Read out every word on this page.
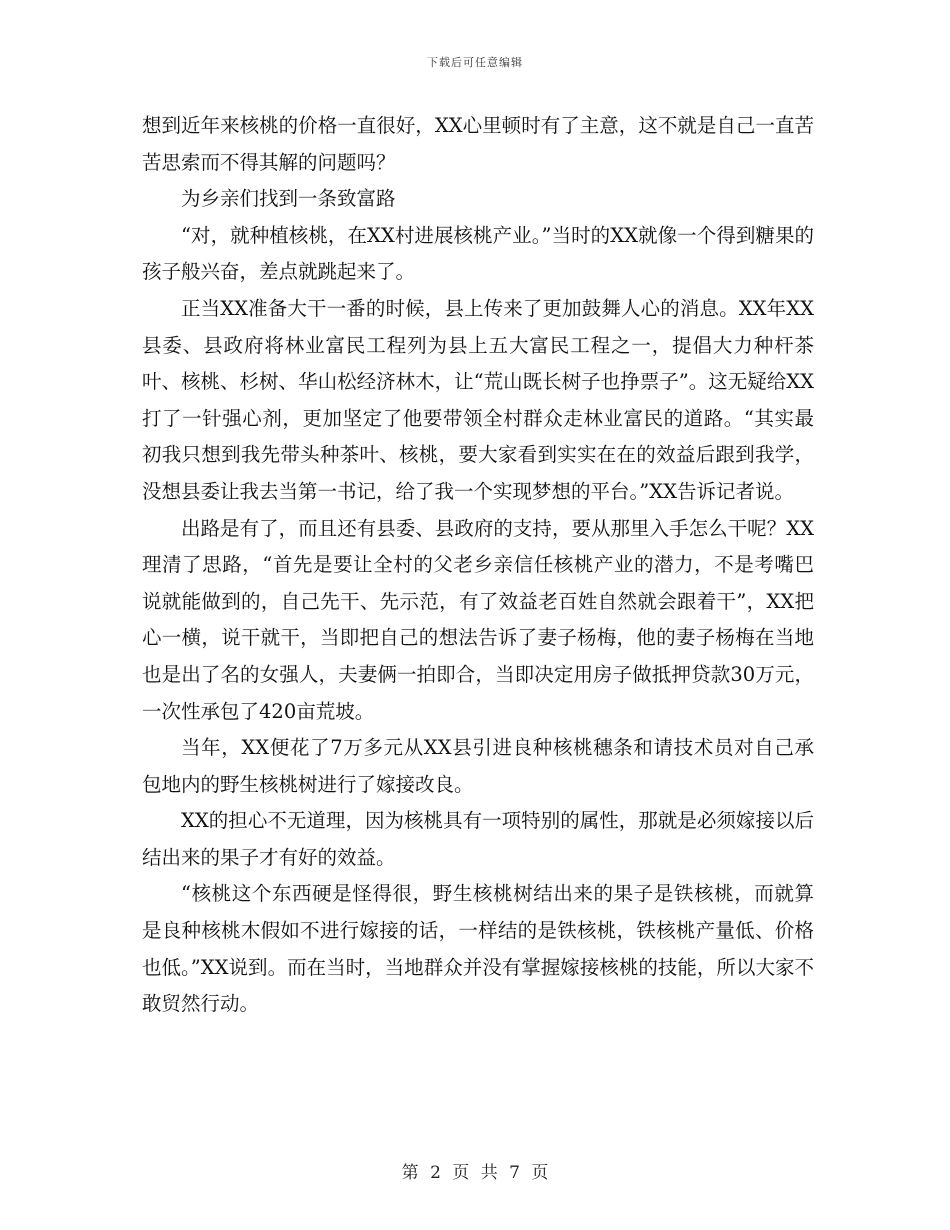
下载后可任意编辑

想到近年来核桃的价格一直很好，XX心里顿时有了主意，这不就是自己一直苦苦思索而不得其解的问题吗？

为乡亲们找到一条致富路

“对，就种植核桃，在XX村进展核桃产业。”当时的XX就像一个得到糖果的孩子般兴奋，差点就跳起来了。

正当XX准备大干一番的时候，县上传来了更加鼓舞人心的消息。XX年XX县委、县政府将林业富民工程列为县上五大富民工程之一，提倡大力种杆茶叶、核桃、杉树、华山松经济林木，让“荒山既长树子也挣票子”。这无疑给XX打了一针强心剂，更加坚定了他要带领全村群众走林业富民的道路。“其实最初我只想到我先带头种茶叶、核桃，要大家看到实实在在的效益后跟到我学，没想县委让我去当第一书记，给了我一个实现梦想的平台。”XX告诉记者说。

出路是有了，而且还有县委、县政府的支持，要从那里入手怎么干呢？XX理清了思路，“首先是要让全村的父老乡亲信任核桃产业的潜力，不是考嘴巴说就能做到的，自己先干、先示范，有了效益老百姓自然就会跟着干”，XX把心一横，说干就干，当即把自己的想法告诉了妻子杨梅，他的妻子杨梅在当地也是出了名的女强人，夫妻俩一拍即合，当即决定用房子做抵押贷款30万元，一次性承包了420亩荒坡。

当年，XX便花了7万多元从XX县引进良种核桃穗条和请技术员对自己承包地内的野生核桃树进行了嫁接改良。

XX的担心不无道理，因为核桃具有一项特别的属性，那就是必须嫁接以后结出来的果子才有好的效益。

“核桃这个东西硬是怪得很，野生核桃树结出来的果子是铁核桃，而就算是良种核桃木假如不进行嫁接的话，一样结的是铁核桃，铁核桃产量低、价格也低。”XX说到。而在当时，当地群众并没有掌握嫁接核桃的技能，所以大家不敢贸然行动。

第 2 页 共 7 页
